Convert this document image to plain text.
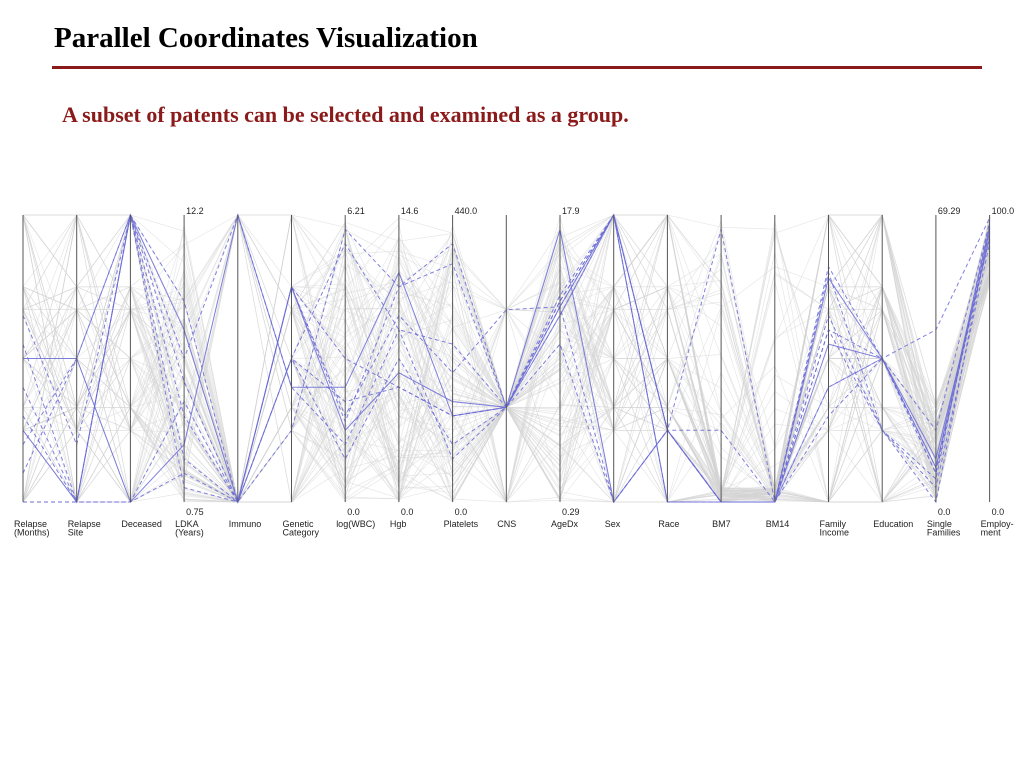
Parallel Coordinates Visualization

A subset of patents can be selected and examined as a group.

Relapse
(Months)
Relapse
Site
Deceased
12.2
0.75
LDKA
(Years)
Immuno Genetic
Category
6.21
0.0
log(WBC)
14.6
0.0
Hgb
440.0
0.0
Platelets CNS
17.9
0.29
AgeDx	Sex	Race	BM7	BM14	Family
Income
Education
69.29
0.0
Single
Families
100.0
0.0
Employ-
ment
